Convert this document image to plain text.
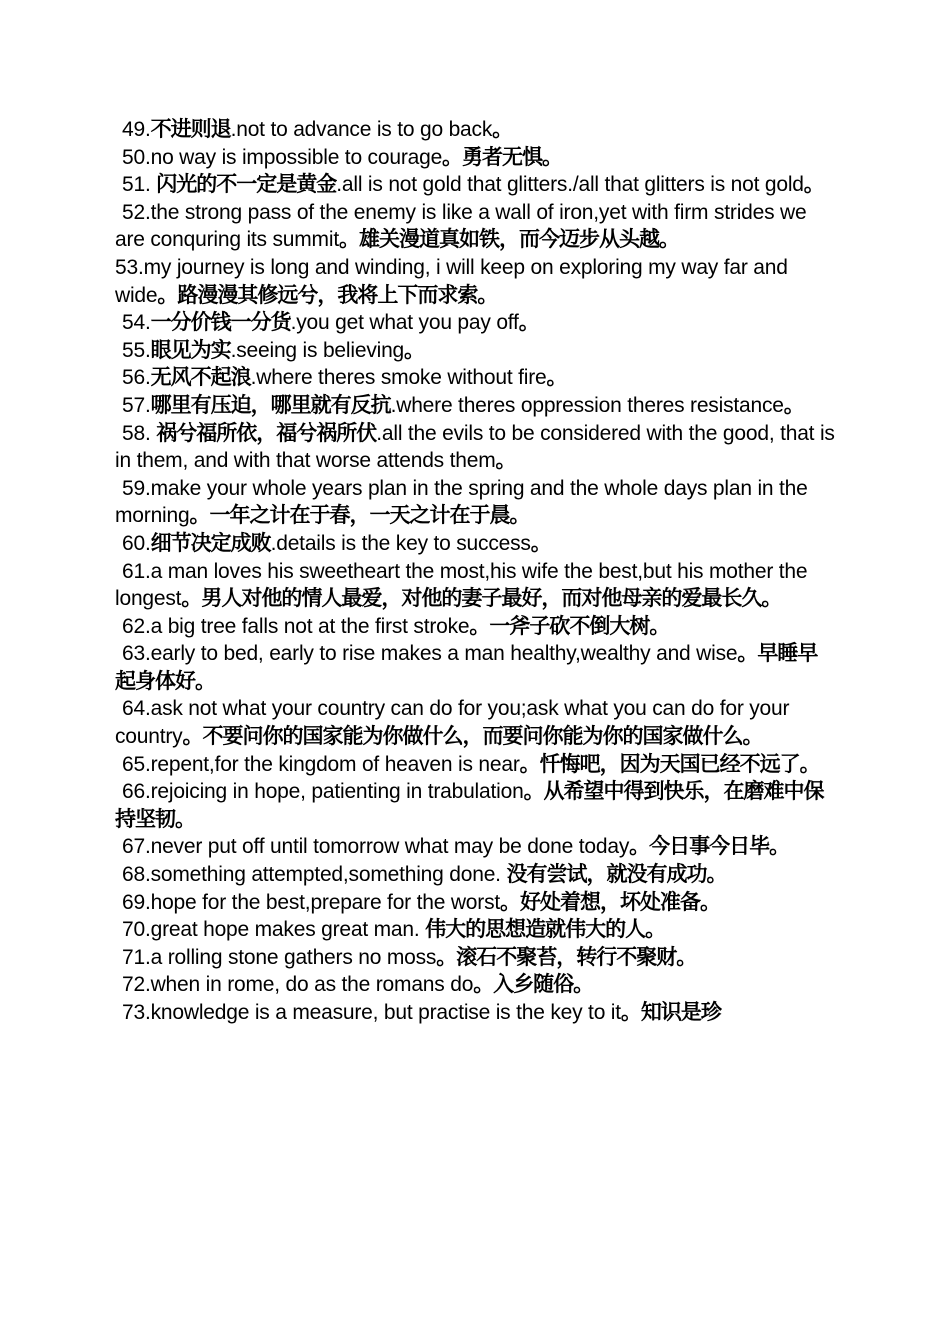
49.不进则退.not to advance is to go back。

50.no way is impossible to courage。勇者无惧。

51. 闪光的不一定是黄金.all is not gold that glitters./all that glitters is not gold。

52.the strong pass of the enemy is like a wall of iron,yet with firm strides we are conquring its summit。雄关漫道真如铁，而今迈步从头越。

53.my journey is long and winding, i will keep on exploring my way far and wide。路漫漫其修远兮，我将上下而求索。

54.一分价钱一分货.you get what you pay off。

55.眼见为实.seeing is believing。

56.无风不起浪.where theres smoke without fire。

57.哪里有压迫，哪里就有反抗.where theres oppression theres resistance。

58. 祸兮福所依，福兮祸所伏.all the evils to be considered with the good, that is in them, and with that worse attends them。

59.make your whole years plan in the spring and the whole days plan in the morning。一年之计在于春，一天之计在于晨。

60.细节决定成败.details is the key to success。

61.a man loves his sweetheart the most,his wife the best,but his mother the longest。男人对他的情人最爱，对他的妻子最好，而对他母亲的爱最长久。

62.a big tree falls not at the first stroke。一斧子砍不倒大树。

63.early to bed, early to rise makes a man healthy,wealthy and wise。早睡早起身体好。

64.ask not what your country can do for you;ask what you can do for your country。不要问你的国家能为你做什么，而要问你能为你的国家做什么。

65.repent,for the kingdom of heaven is near。忏悔吧，因为天国已经不远了。

66.rejoicing in hope, patienting in trabulation。从希望中得到快乐，在磨难中保持坚韧。

67.never put off until tomorrow what may be done today。今日事今日毕。

68.something attempted,something done. 没有尝试，就没有成功。

69.hope for the best,prepare for the worst。好处着想，坏处准备。

70.great hope makes great man. 伟大的思想造就伟大的人。

71.a rolling stone gathers no moss。滚石不聚苔，转行不聚财。

72.when in rome, do as the romans do。入乡随俗。

73.knowledge is a measure, but practise is the key to it。知识是珍
